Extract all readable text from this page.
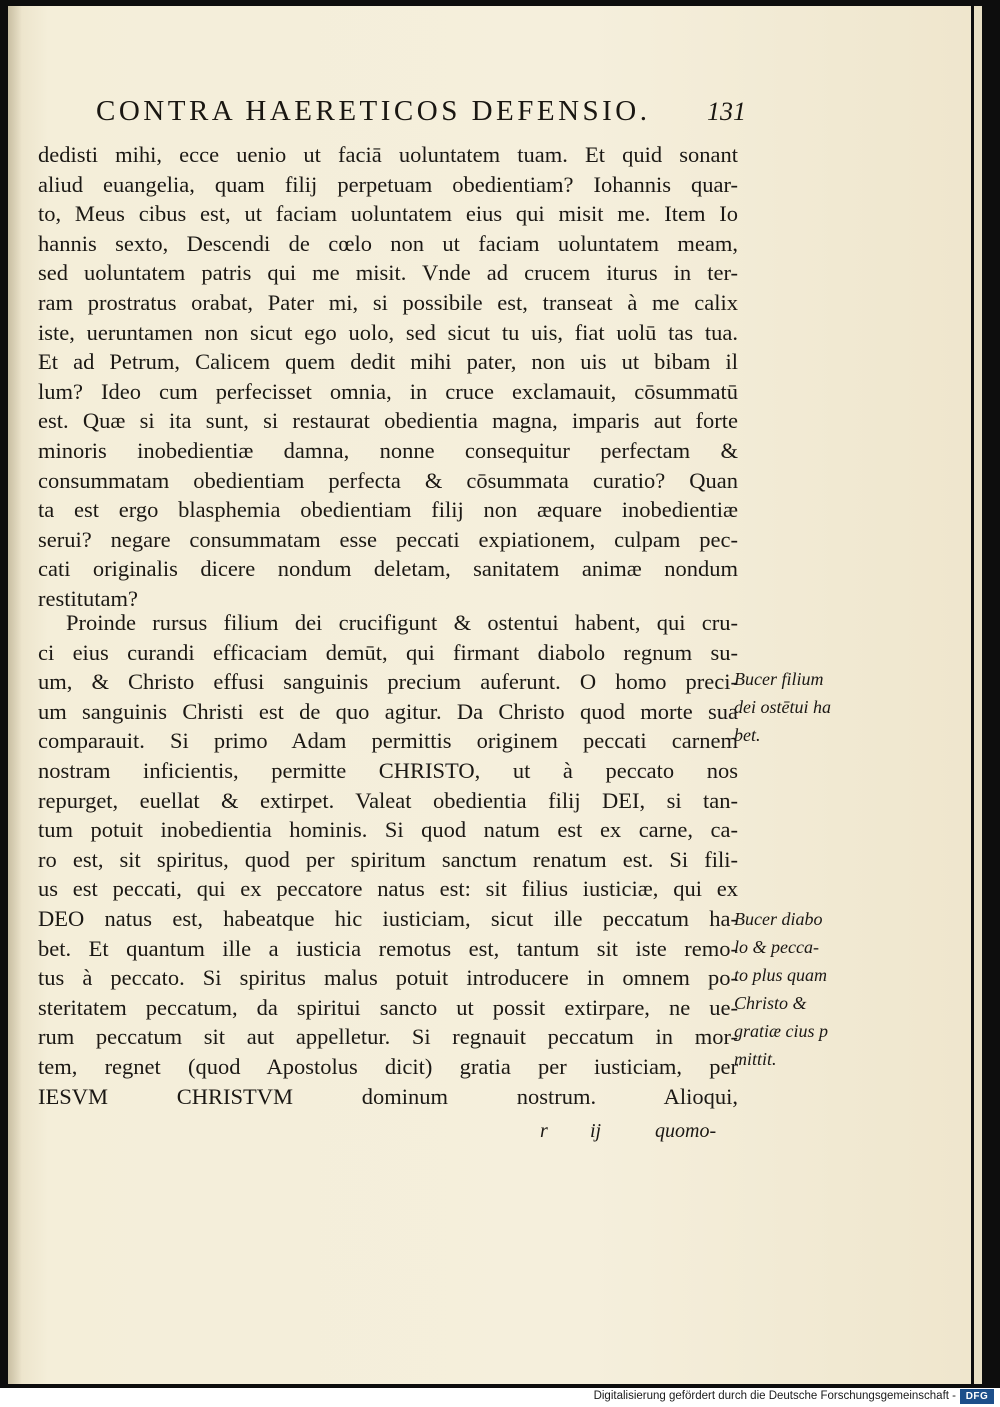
CONTRA HAERETICOS DEFENSIO. 131
dedisti mihi, ecce uenio ut faciā uoluntatem tuam. Et quid sonant
aliud euangelia, quam filij perpetuam obedientiam? Iohannis quar-
to, Meus cibus est, ut faciam uoluntatem eius qui misit me. Item Io
hannis sexto, Descendi de cœlo non ut faciam uoluntatem meam,
sed uoluntatem patris qui me misit. Vnde ad crucem iturus in ter-
ram prostratus orabat, Pater mi, si possibile est, transeat à me calix
iste, ueruntamen non sicut ego uolo, sed sicut tu uis, fiat uolū tas tua.
Et ad Petrum, Calicem quem dedit mihi pater, non uis ut bibam il
lum? Ideo cum perfecisset omnia, in cruce exclamauit, cōsummatū
est. Quæ si ita sunt, si restaurat obedientia magna, imparis aut forte
minoris inobedientiæ damna, nonne consequitur perfectam &
consummatam obedientiam perfecta & cōsummata curatio? Quan
ta est ergo blasphemia obedientiam filij non æquare inobedientiæ
serui? negare consummatam esse peccati expiationem, culpam pec-
cati originalis dicere nondum deletam, sanitatem animæ nondum
restitutam?
Proinde rursus filium dei crucifigunt & ostentui habent, qui cru-
ci eius curandi efficaciam demūt, qui firmant diabolo regnum su-
um, & Christo effusi sanguinis precium auferunt. O homo preci-
um sanguinis Christi est de quo agitur. Da Christo quod morte sua
comparauit. Si primo Adam permittis originem peccati carnem
nostram inficientis, permitte CHRISTO, ut à peccato nos
repurget, euellat & extirpet. Valeat obedientia filij DEI, si tan-
tum potuit inobedientia hominis. Si quod natum est ex carne, ca-
ro est, sit spiritus, quod per spiritum sanctum renatum est. Si fili-
us est peccati, qui ex peccatore natus est: sit filius iusticiæ, qui ex
DEO natus est, habeatque hic iusticiam, sicut ille peccatum ha-
bet. Et quantum ille a iusticia remotus est, tantum sit iste remo-
tus à peccato. Si spiritus malus potuit introducere in omnem po-
steritatem peccatum, da spiritui sancto ut possit extirpare, ne ue-
rum peccatum sit aut appelletur. Si regnauit peccatum in mor-
tem, regnet (quod Apostolus dicit) gratia per iusticiam, per
IESVM CHRISTVM dominum nostrum. Alioqui,
Bucer filium
dei ostētui ha
bet.
Bucer diabo
lo & pecca-
to plus quam
Christo &
gratiæ cius p
mittit.
r ij	quomo-
Digitalisierung gefördert durch die Deutsche Forschungsgemeinschaft - DFG
